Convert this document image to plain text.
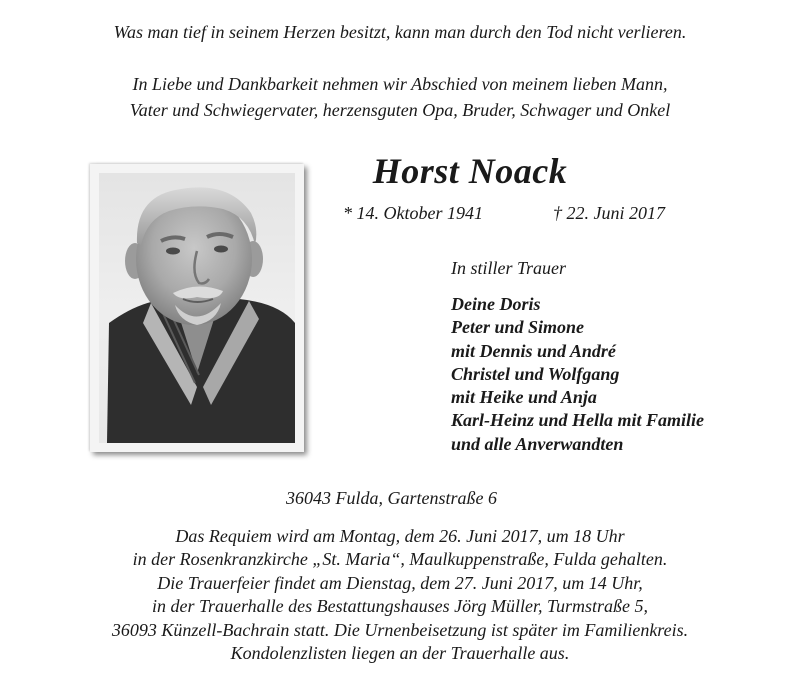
Was man tief in seinem Herzen besitzt, kann man durch den Tod nicht verlieren.
In Liebe und Dankbarkeit nehmen wir Abschied von meinem lieben Mann,
Vater und Schwiegervater, herzensguten Opa, Bruder, Schwager und Onkel
Horst Noack
* 14. Oktober 1941	† 22. Juni 2017
In stiller Trauer
Deine Doris
Peter und Simone
mit Dennis und André
Christel und Wolfgang
mit Heike und Anja
Karl-Heinz und Hella mit Familie
und alle Anverwandten
36043 Fulda, Gartenstraße 6
Das Requiem wird am Montag, dem 26. Juni 2017, um 18 Uhr
in der Rosenkranzkirche „St. Maria“, Maulkuppenstraße, Fulda gehalten.
Die Trauerfeier findet am Dienstag, dem 27. Juni 2017, um 14 Uhr,
in der Trauerhalle des Bestattungshauses Jörg Müller, Turmstraße 5,
36093 Künzell-Bachrain statt. Die Urnenbeisetzung ist später im Familienkreis.
Kondolenzlisten liegen an der Trauerhalle aus.
